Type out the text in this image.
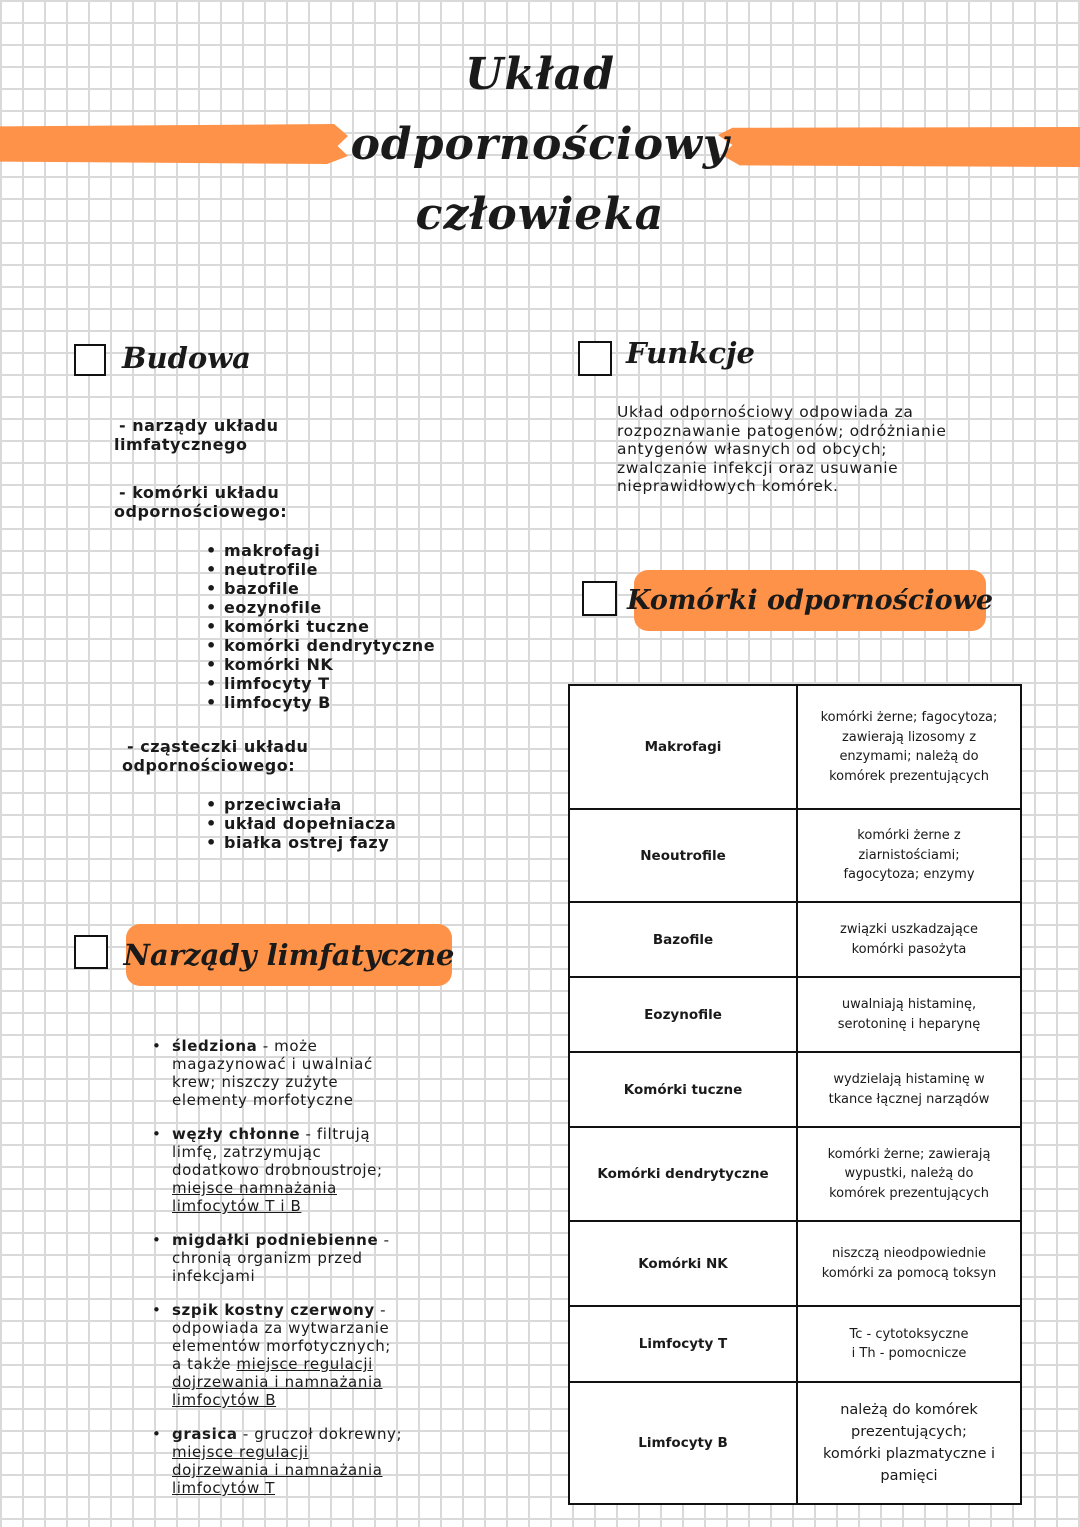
Układ
odpornościowy
człowieka
Budowa
- narządy układu
limfatycznego
- komórki układu
odpornościowego:
• makrofagi
• neutrofile
• bazofile
• eozynofile
• komórki tuczne
• komórki dendrytyczne
• komórki NK
• limfocyty T
• limfocyty B
- cząsteczki układu
odpornościowego:
• przeciwciała
• układ dopełniacza
• białka ostrej fazy
Funkcje
Układ odpornościowy odpowiada za
rozpoznawanie patogenów; odróżnianie
antygenów własnych od obcych;
zwalczanie infekcji oraz usuwanie
nieprawidłowych komórek.
Komórki odpornościowe
Makrofagi	komórki żerne; fagocytoza;
zawierają lizosomy z
enzymami; należą do
komórek prezentujących

Neoutrofile	komórki żerne z
ziarnistościami;
fagocytoza; enzymy

Bazofile	związki uszkadzające
komórki pasożyta

Eozynofile	uwalniają histaminę,
serotoninę i heparynę

Komórki tuczne	wydzielają histaminę w
tkance łącznej narządów

Komórki dendrytyczne	komórki żerne; zawierają
wypustki, należą do
komórek prezentujących

Komórki NK	niszczą nieodpowiednie
komórki za pomocą toksyn

Limfocyty T	Tc - cytotoksyczne
i Th - pomocnicze

Limfocyty B	należą do komórek
prezentujących;
komórki plazmatyczne i
pamięci
Narządy limfatyczne
• śledziona - może
magazynować i uwalniać
krew; niszczy zużyte
elementy morfotyczne
• węzły chłonne - filtrują
limfę, zatrzymując
dodatkowo drobnoustroje;
miejsce namnażania
limfocytów T i B
• migdałki podniebienne -
chronią organizm przed
infekcjami
• szpik kostny czerwony -
odpowiada za wytwarzanie
elementów morfotycznych;
a także miejsce regulacji
dojrzewania i namnażania
limfocytów B
• grasica - gruczoł dokrewny;
miejsce regulacji
dojrzewania i namnażania
limfocytów T
